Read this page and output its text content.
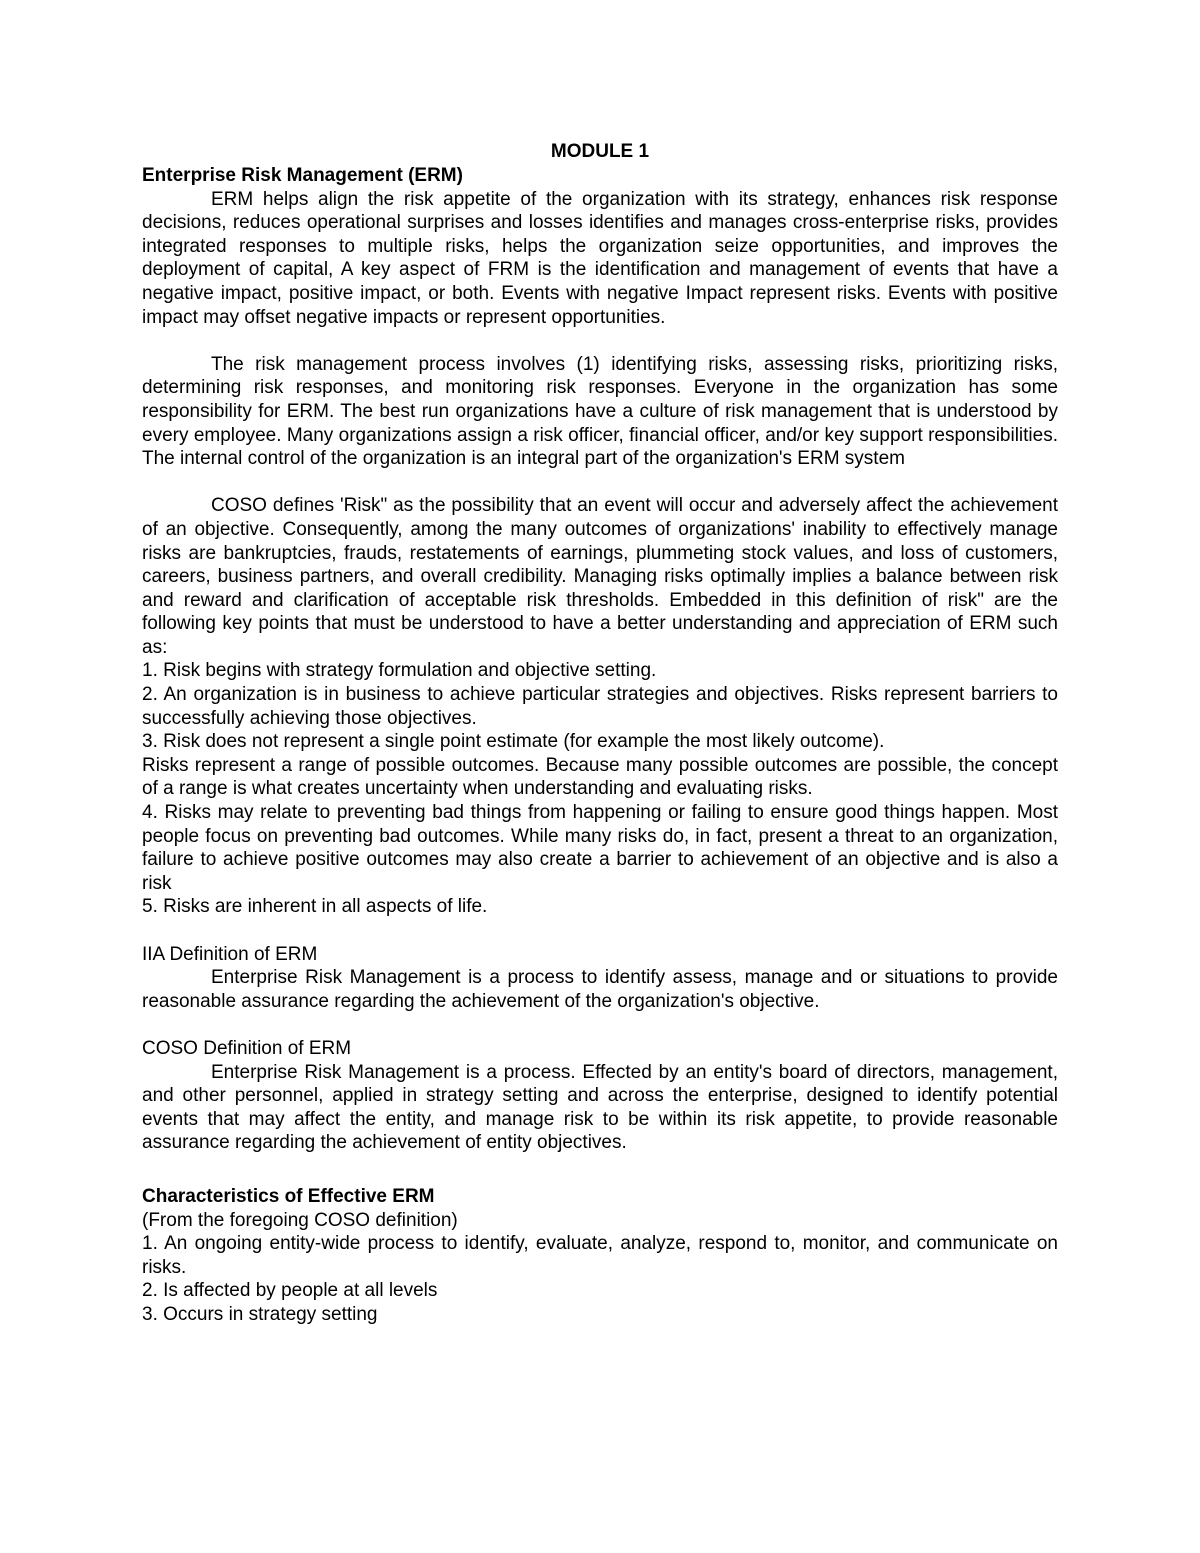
MODULE 1

Enterprise Risk Management (ERM)

ERM helps align the risk appetite of the organization with its strategy, enhances risk response decisions, reduces operational surprises and losses identifies and manages cross-enterprise risks, provides integrated responses to multiple risks, helps the organization seize opportunities, and improves the deployment of capital, A key aspect of FRM is the identification and management of events that have a negative impact, positive impact, or both. Events with negative Impact represent risks. Events with positive impact may offset negative impacts or represent opportunities.

The risk management process involves (1) identifying risks, assessing risks, prioritizing risks, determining risk responses, and monitoring risk responses. Everyone in the organization has some responsibility for ERM. The best run organizations have a culture of risk management that is understood by every employee. Many organizations assign a risk officer, financial officer, and/or key support responsibilities. The internal control of the organization is an integral part of the organization's ERM system

COSO defines 'Risk" as the possibility that an event will occur and adversely affect the achievement of an objective. Consequently, among the many outcomes of organizations' inability to effectively manage risks are bankruptcies, frauds, restatements of earnings, plummeting stock values, and loss of customers, careers, business partners, and overall credibility. Managing risks optimally implies a balance between risk and reward and clarification of acceptable risk thresholds. Embedded in this definition of risk" are the following key points that must be understood to have a better understanding and appreciation of ERM such as:

1. Risk begins with strategy formulation and objective setting.

2. An organization is in business to achieve particular strategies and objectives. Risks represent barriers to successfully achieving those objectives.

3. Risk does not represent a single point estimate (for example the most likely outcome).

Risks represent a range of possible outcomes. Because many possible outcomes are possible, the concept of a range is what creates uncertainty when understanding and evaluating risks.

4. Risks may relate to preventing bad things from happening or failing to ensure good things happen. Most people focus on preventing bad outcomes. While many risks do, in fact, present a threat to an organization, failure to achieve positive outcomes may also create a barrier to achievement of an objective and is also a risk

5. Risks are inherent in all aspects of life.

IIA Definition of ERM

Enterprise Risk Management is a process to identify assess, manage and or situations to provide reasonable assurance regarding the achievement of the organization's objective.

COSO Definition of ERM

Enterprise Risk Management is a process. Effected by an entity's board of directors, management, and other personnel, applied in strategy setting and across the enterprise, designed to identify potential events that may affect the entity, and manage risk to be within its risk appetite, to provide reasonable assurance regarding the achievement of entity objectives.

Characteristics of Effective ERM

(From the foregoing COSO definition)

1. An ongoing entity-wide process to identify, evaluate, analyze, respond to, monitor, and communicate on risks.

2. Is affected by people at all levels

3. Occurs in strategy setting
